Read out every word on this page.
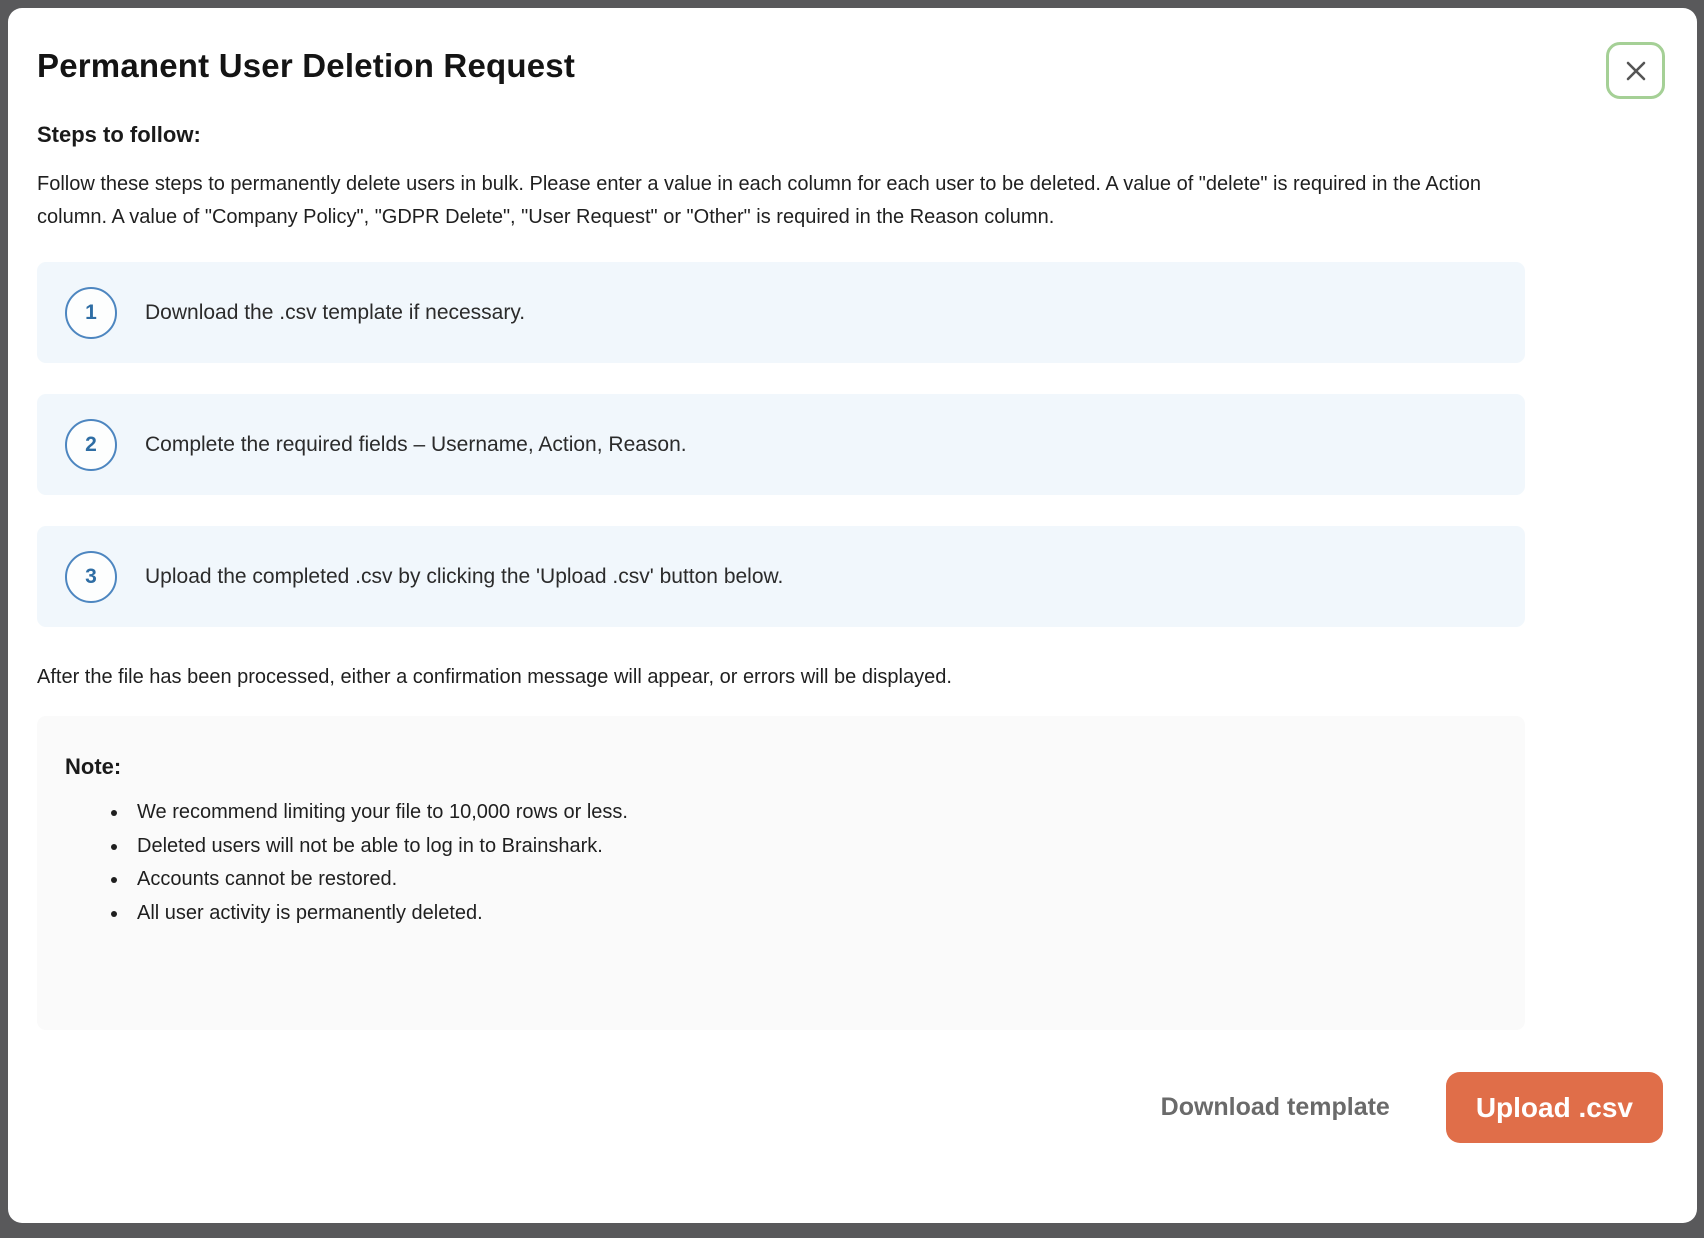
Permanent User Deletion Request
Steps to follow:

Follow these steps to permanently delete users in bulk. Please enter a value in each column for each user to be deleted. A value of "delete" is required in the Action column. A value of "Company Policy", "GDPR Delete", "User Request" or "Other" is required in the Reason column.

1	Download the .csv template if necessary.
2	Complete the required fields – Username, Action, Reason.
3	Upload the completed .csv by clicking the 'Upload .csv' button below.

After the file has been processed, either a confirmation message will appear, or errors will be displayed.

Note:
• We recommend limiting your file to 10,000 rows or less.
• Deleted users will not be able to log in to Brainshark.
• Accounts cannot be restored.
• All user activity is permanently deleted.
Download template	Upload .csv
